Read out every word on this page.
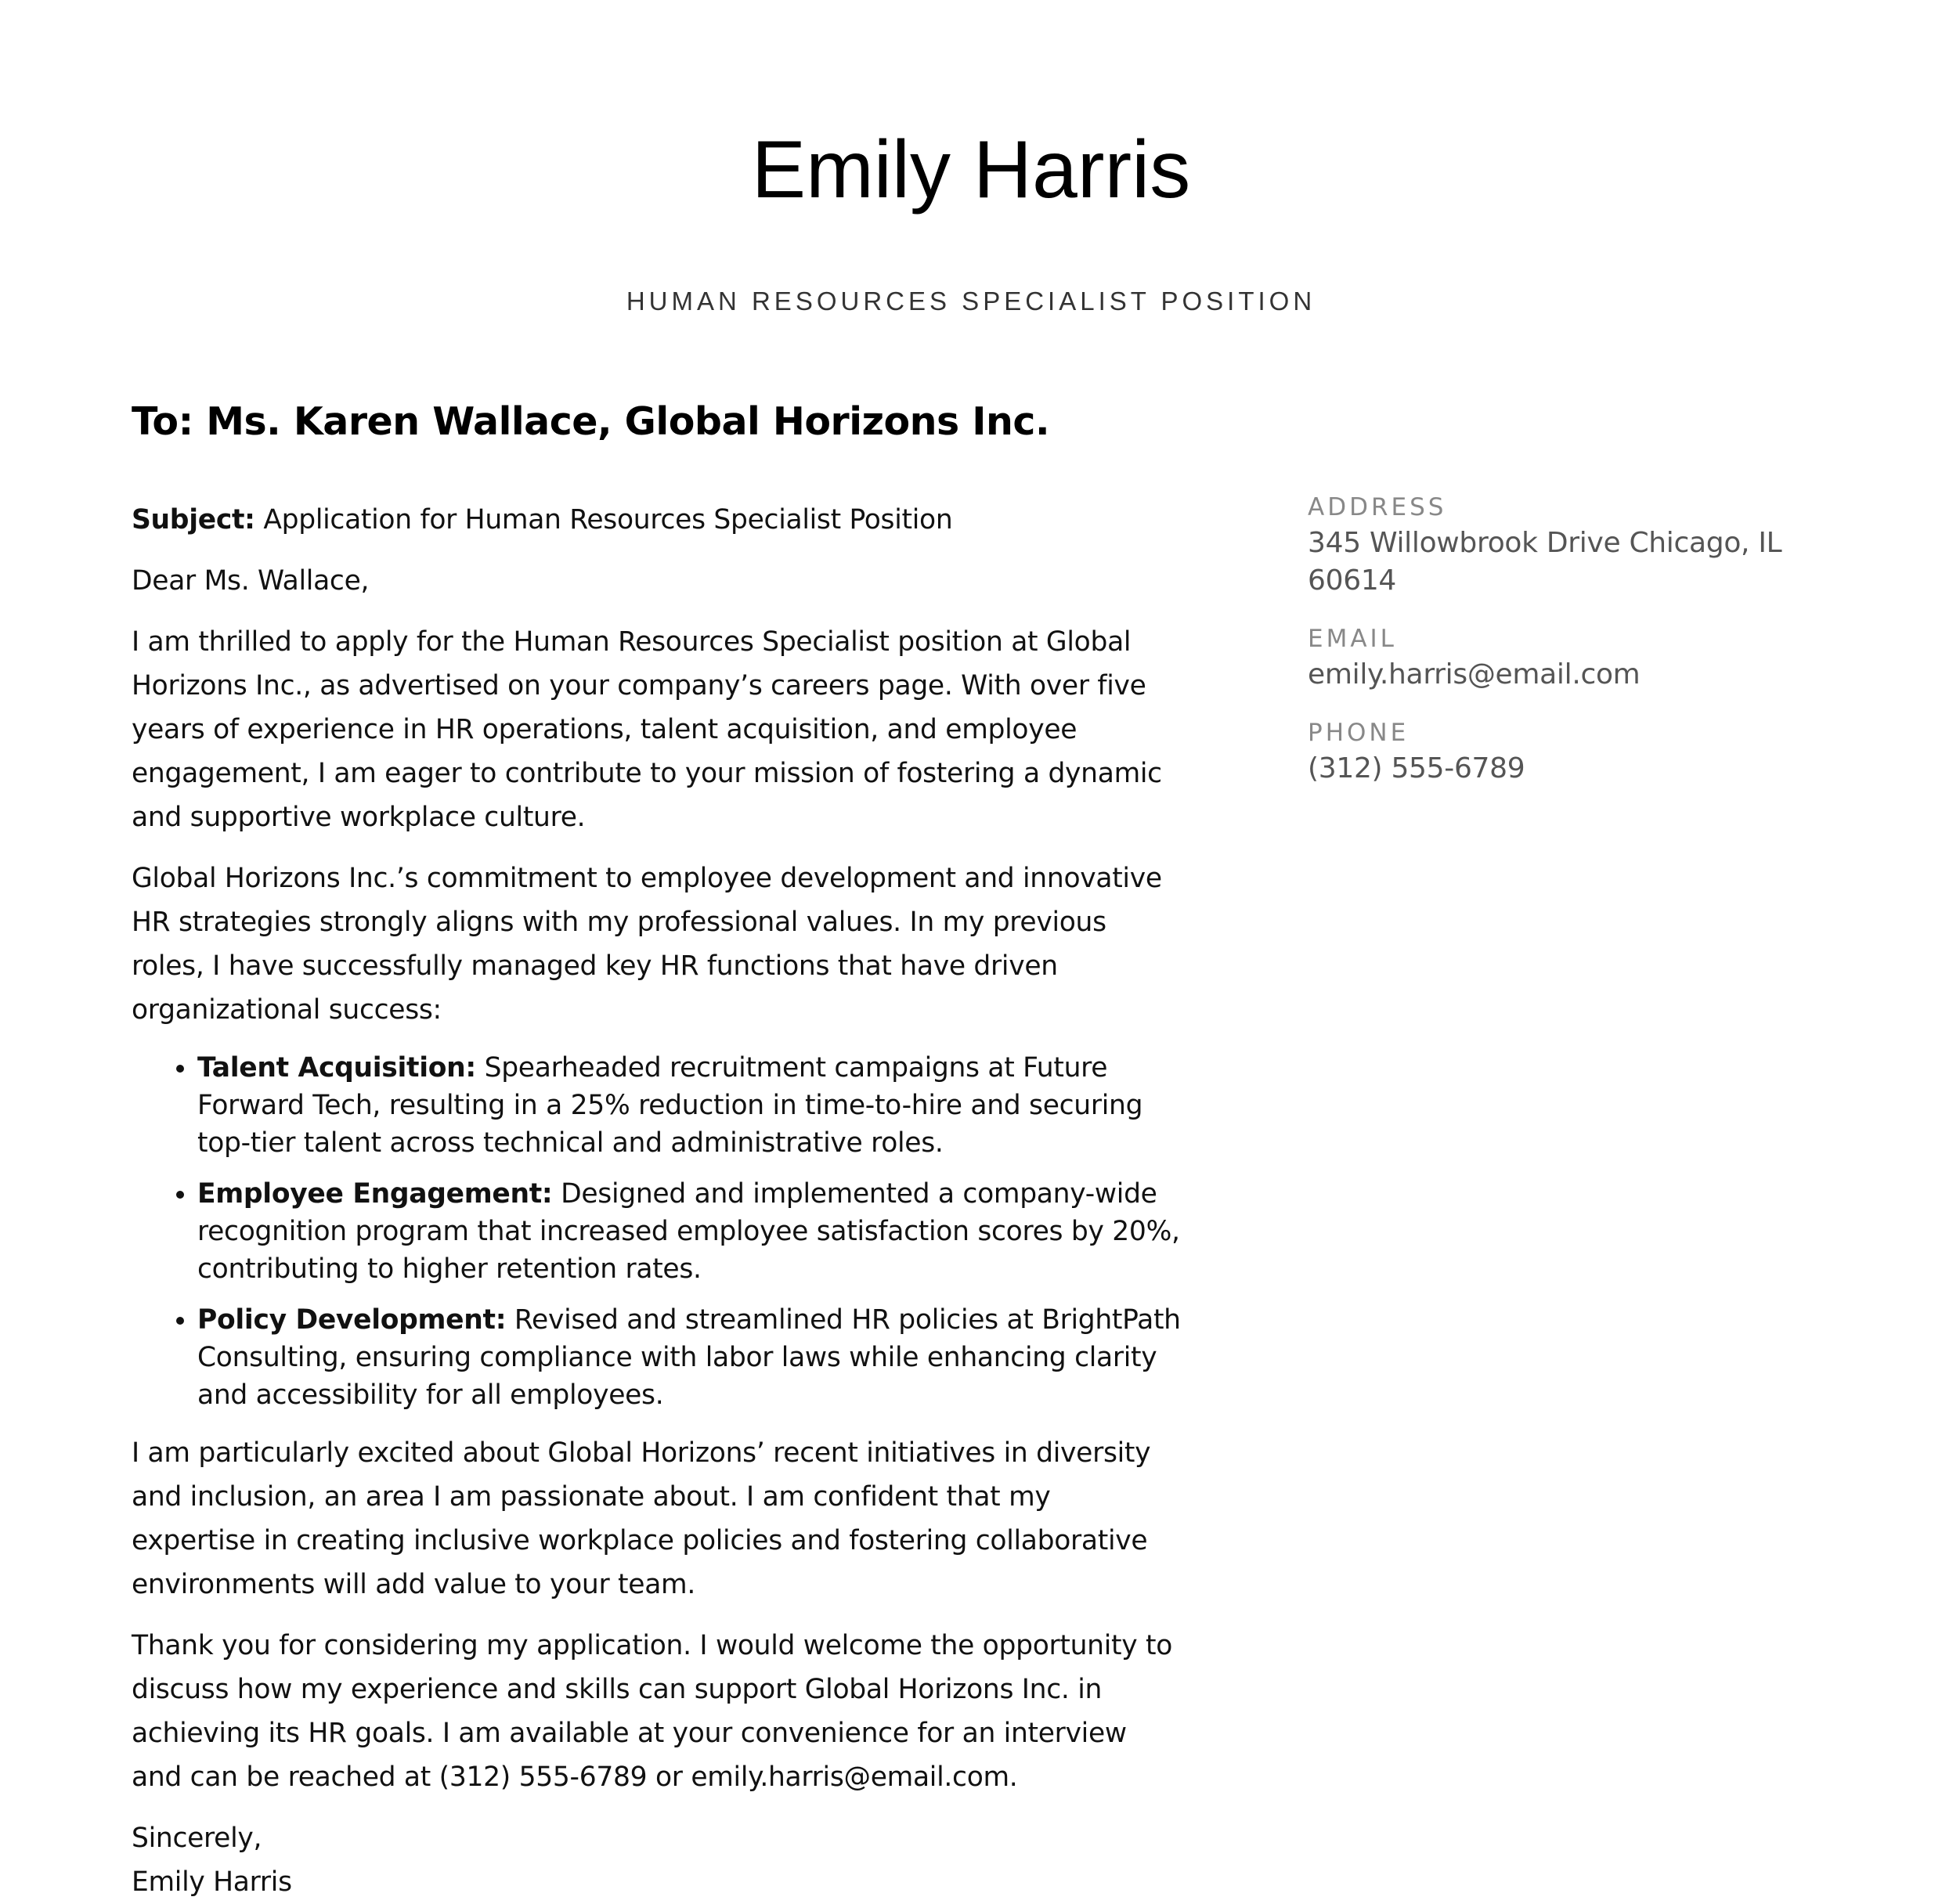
Emily Harris
HUMAN RESOURCES SPECIALIST POSITION
To: Ms. Karen Wallace, Global Horizons Inc.

Subject: Application for Human Resources Specialist Position

Dear Ms. Wallace,

I am thrilled to apply for the Human Resources Specialist position at Global Horizons Inc., as advertised on your company’s careers page. With over five years of experience in HR operations, talent acquisition, and employee engagement, I am eager to contribute to your mission of fostering a dynamic and supportive workplace culture.

Global Horizons Inc.’s commitment to employee development and innovative HR strategies strongly aligns with my professional values. In my previous roles, I have successfully managed key HR functions that have driven organizational success:

• Talent Acquisition: Spearheaded recruitment campaigns at Future Forward Tech, resulting in a 25% reduction in time-to-hire and securing top-tier talent across technical and administrative roles.
• Employee Engagement: Designed and implemented a company-wide recognition program that increased employee satisfaction scores by 20%, contributing to higher retention rates.
• Policy Development: Revised and streamlined HR policies at BrightPath Consulting, ensuring compliance with labor laws while enhancing clarity and accessibility for all employees.

I am particularly excited about Global Horizons’ recent initiatives in diversity and inclusion, an area I am passionate about. I am confident that my expertise in creating inclusive workplace policies and fostering collaborative environments will add value to your team.

Thank you for considering my application. I would welcome the opportunity to discuss how my experience and skills can support Global Horizons Inc. in achieving its HR goals. I am available at your convenience for an interview and can be reached at (312) 555-6789 or emily.harris@email.com.

Sincerely,

Emily Harris

ADDRESS

345 Willowbrook Drive Chicago, IL 60614

EMAIL

emily.harris@email.com

PHONE

(312) 555-6789
